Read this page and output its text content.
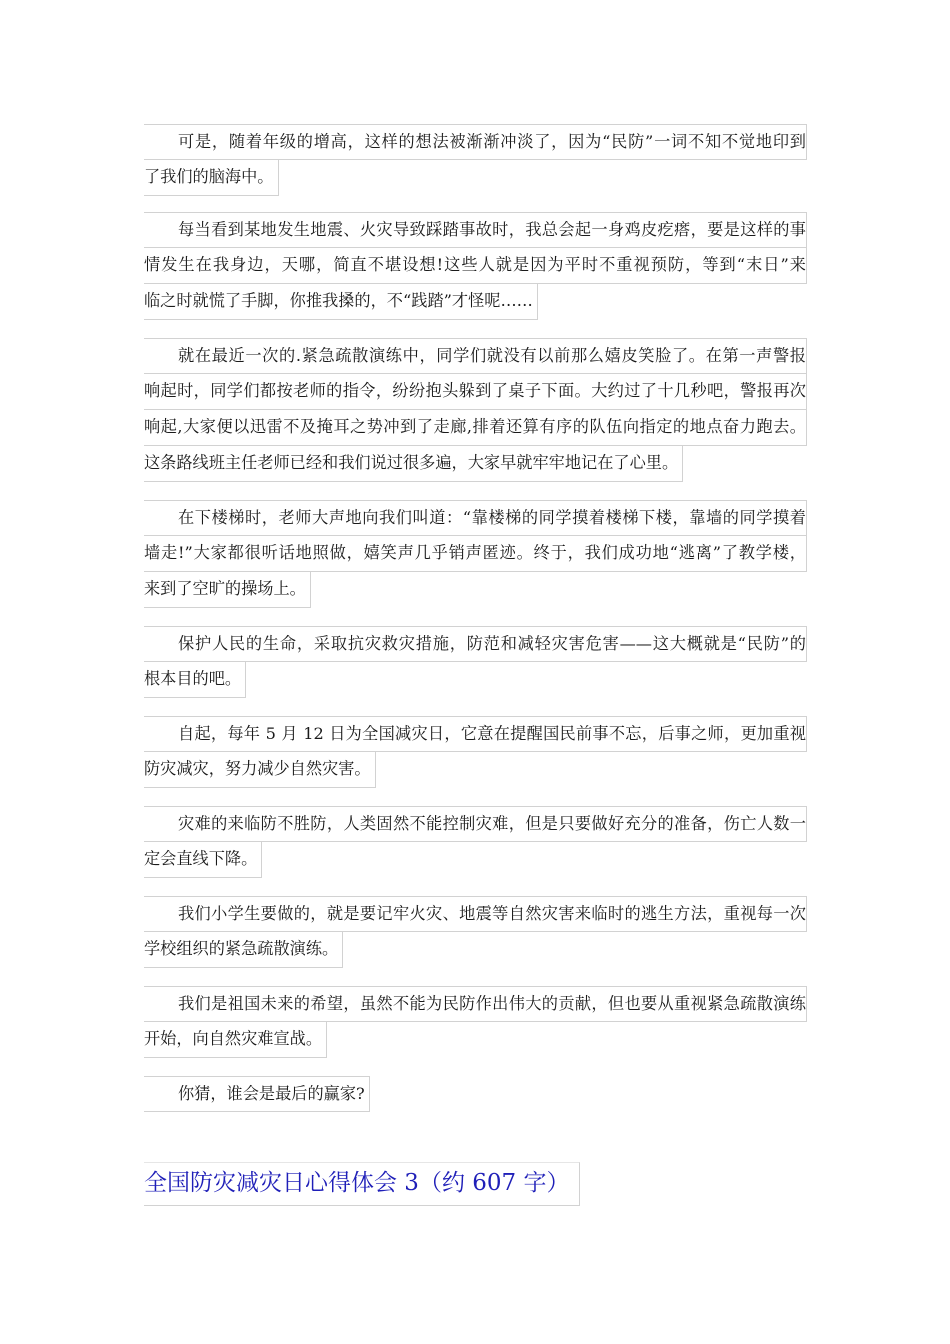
可是，随着年级的增高，这样的想法被渐渐冲淡了，因为“民防”一词不知不觉地印到
了我们的脑海中。
每当看到某地发生地震、火灾导致踩踏事故时，我总会起一身鸡皮疙瘩，要是这样的事
情发生在我身边，天哪，简直不堪设想!这些人就是因为平时不重视预防，等到“末日”来
临之时就慌了手脚，你推我搡的，不“践踏”才怪呢……
就在最近一次的.紧急疏散演练中，同学们就没有以前那么嬉皮笑脸了。在第一声警报
响起时，同学们都按老师的指令，纷纷抱头躲到了桌子下面。大约过了十几秒吧，警报再次
响起,大家便以迅雷不及掩耳之势冲到了走廊,排着还算有序的队伍向指定的地点奋力跑去。
这条路线班主任老师已经和我们说过很多遍，大家早就牢牢地记在了心里。
在下楼梯时，老师大声地向我们叫道：“靠楼梯的同学摸着楼梯下楼，靠墙的同学摸着
墙走!”大家都很听话地照做，嬉笑声几乎销声匿迹。终于，我们成功地“逃离”了教学楼，
来到了空旷的操场上。
保护人民的生命，采取抗灾救灾措施，防范和减轻灾害危害——这大概就是“民防”的
根本目的吧。
自起，每年 5 月 12 日为全国减灾日，它意在提醒国民前事不忘，后事之师，更加重视
防灾减灾，努力减少自然灾害。
灾难的来临防不胜防，人类固然不能控制灾难，但是只要做好充分的准备，伤亡人数一
定会直线下降。
我们小学生要做的，就是要记牢火灾、地震等自然灾害来临时的逃生方法，重视每一次
学校组织的紧急疏散演练。
我们是祖国未来的希望，虽然不能为民防作出伟大的贡献，但也要从重视紧急疏散演练
开始，向自然灾难宣战。
你猜，谁会是最后的赢家?
全国防灾减灾日心得体会 3（约 607 字）
